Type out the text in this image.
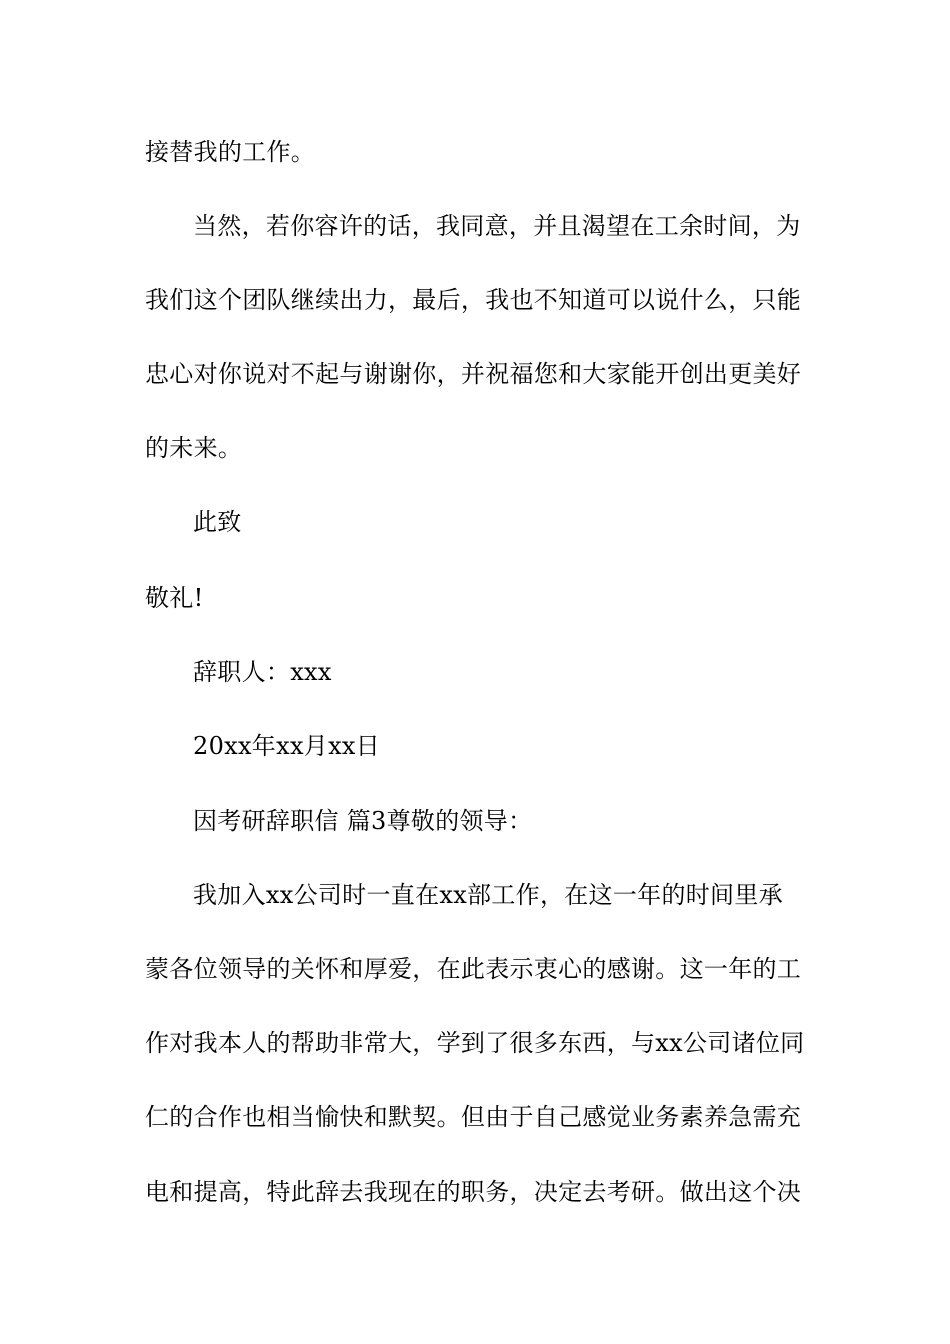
接替我的工作。
当然，若你容许的话，我同意，并且渴望在工余时间，为
我们这个团队继续出力，最后，我也不知道可以说什么，只能
忠心对你说对不起与谢谢你，并祝福您和大家能开创出更美好
的未来。
此致
敬礼!
辞职人：xxx
20xx年xx月xx日
因考研辞职信 篇3尊敬的领导：
我加入xx公司时一直在xx部工作，在这一年的时间里承
蒙各位领导的关怀和厚爱，在此表示衷心的感谢。这一年的工
作对我本人的帮助非常大，学到了很多东西，与xx公司诸位同
仁的合作也相当愉快和默契。但由于自己感觉业务素养急需充
电和提高，特此辞去我现在的职务，决定去考研。做出这个决
